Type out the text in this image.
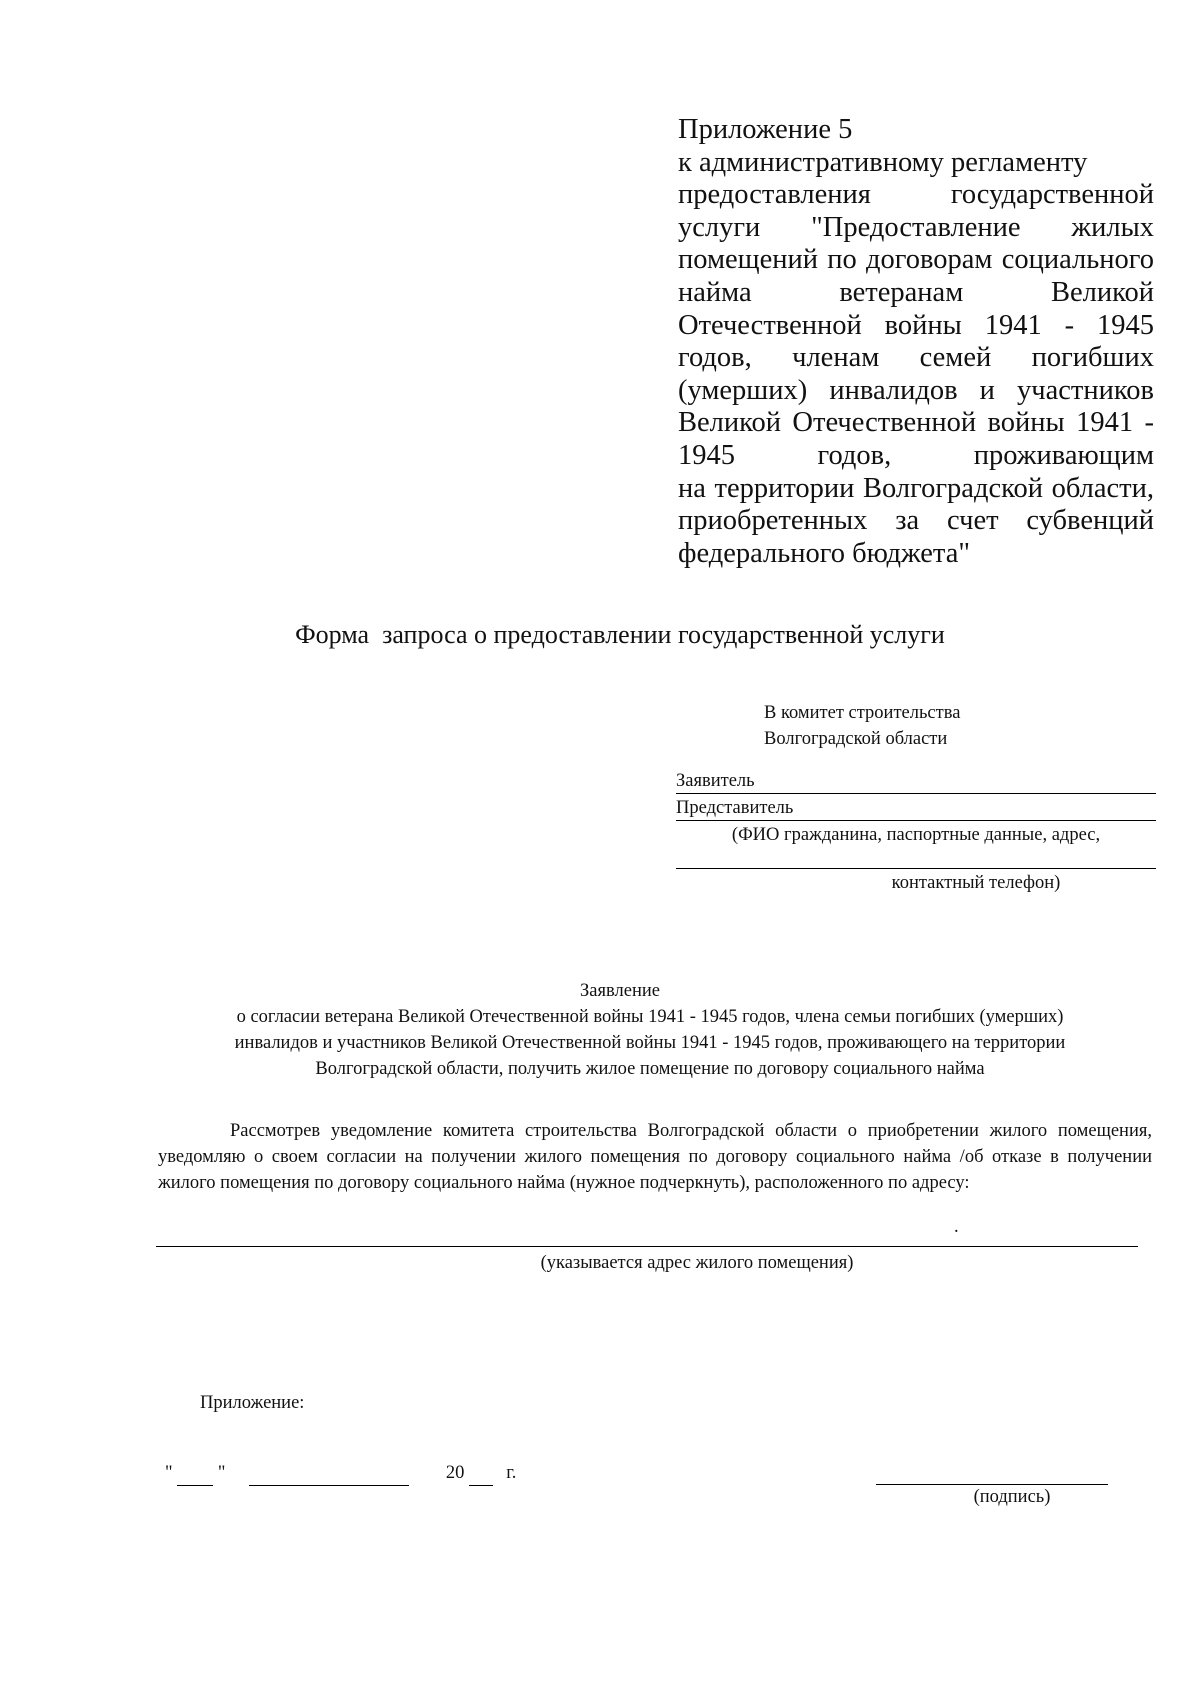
Приложение 5
к административному регламенту
предоставления государственной
услуги "Предоставление жилых
помещений по договорам социального
найма ветеранам Великой
Отечественной войны 1941 - 1945
годов, членам семей погибших
(умерших) инвалидов и участников
Великой Отечественной войны 1941 -
1945 годов, проживающим
на территории Волгоградской области,
приобретенных за счет субвенций
федерального бюджета"
Форма  запроса о предоставлении государственной услуги
В комитет строительства
Волгоградской области
Заявитель
Представитель
(ФИО гражданина, паспортные данные, адрес,
контактный телефон)
Заявление
о согласии ветерана Великой Отечественной войны 1941 - 1945 годов, члена семьи погибших (умерших)
инвалидов и участников Великой Отечественной войны 1941 - 1945 годов, проживающего на территории
Волгоградской области, получить жилое помещение по договору социального найма
Рассмотрев уведомление комитета строительства Волгоградской области о приобретении жилого помещения, уведомляю о своем согласии на получении жилого помещения по договору социального найма /об отказе в получении жилого помещения по договору социального найма (нужное подчеркнуть), расположенного по адресу:
.
(указывается адрес жилого помещения)
Приложение:
" "	20 г.
(подпись)
